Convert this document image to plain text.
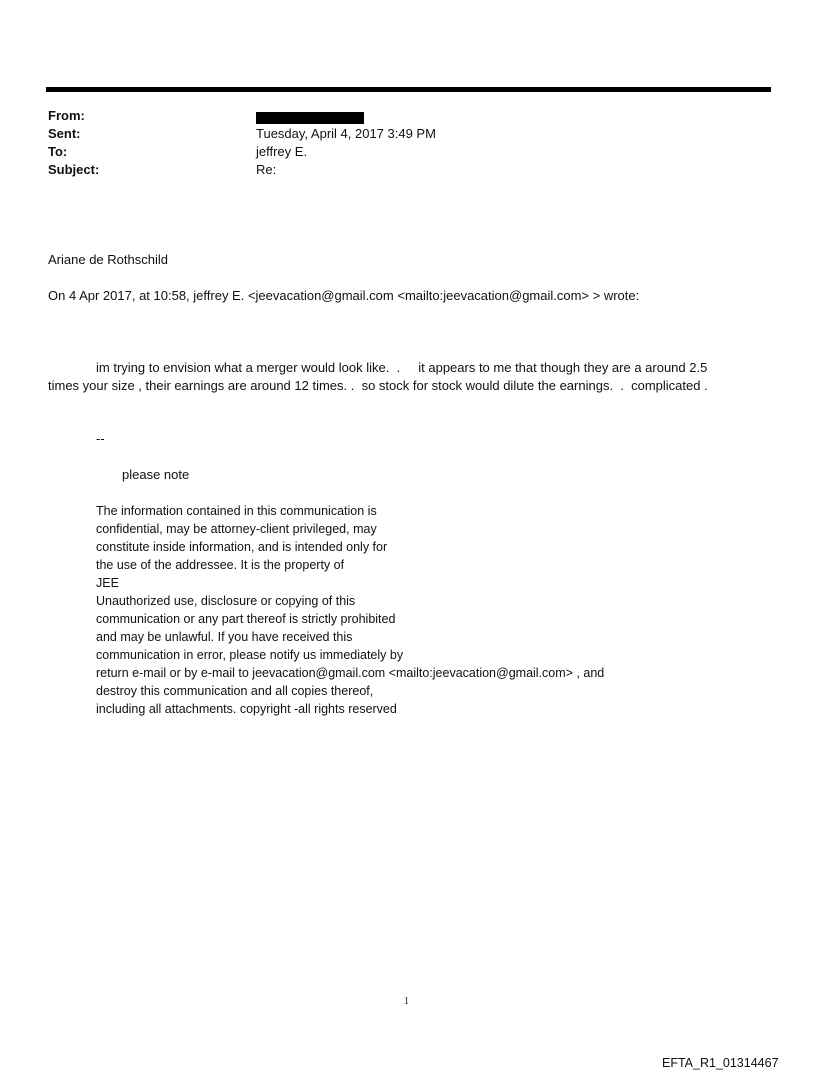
From:
Sent:	Tuesday, April 4, 2017 3:49 PM
To:	jeffrey E.
Subject:	Re:
Ariane de Rothschild
On 4 Apr 2017, at 10:58, jeffrey E. <jeevacation@gmail.com <mailto:jeevacation@gmail.com> > wrote:
im trying to envision what a merger would look like.  .     it appears to me that though they are a around 2.5
times your size , their earnings are around 12 times. .  so stock for stock would dilute the earnings.  .  complicated .
--
please note
The information contained in this communication is
confidential, may be attorney-client privileged, may
constitute inside information, and is intended only for
the use of the addressee. It is the property of
JEE
Unauthorized use, disclosure or copying of this
communication or any part thereof is strictly prohibited
and may be unlawful. If you have received this
communication in error, please notify us immediately by
return e-mail or by e-mail to jeevacation@gmail.com <mailto:jeevacation@gmail.com> , and
destroy this communication and all copies thereof,
including all attachments. copyright -all rights reserved
1
EFTA_R1_01314467
